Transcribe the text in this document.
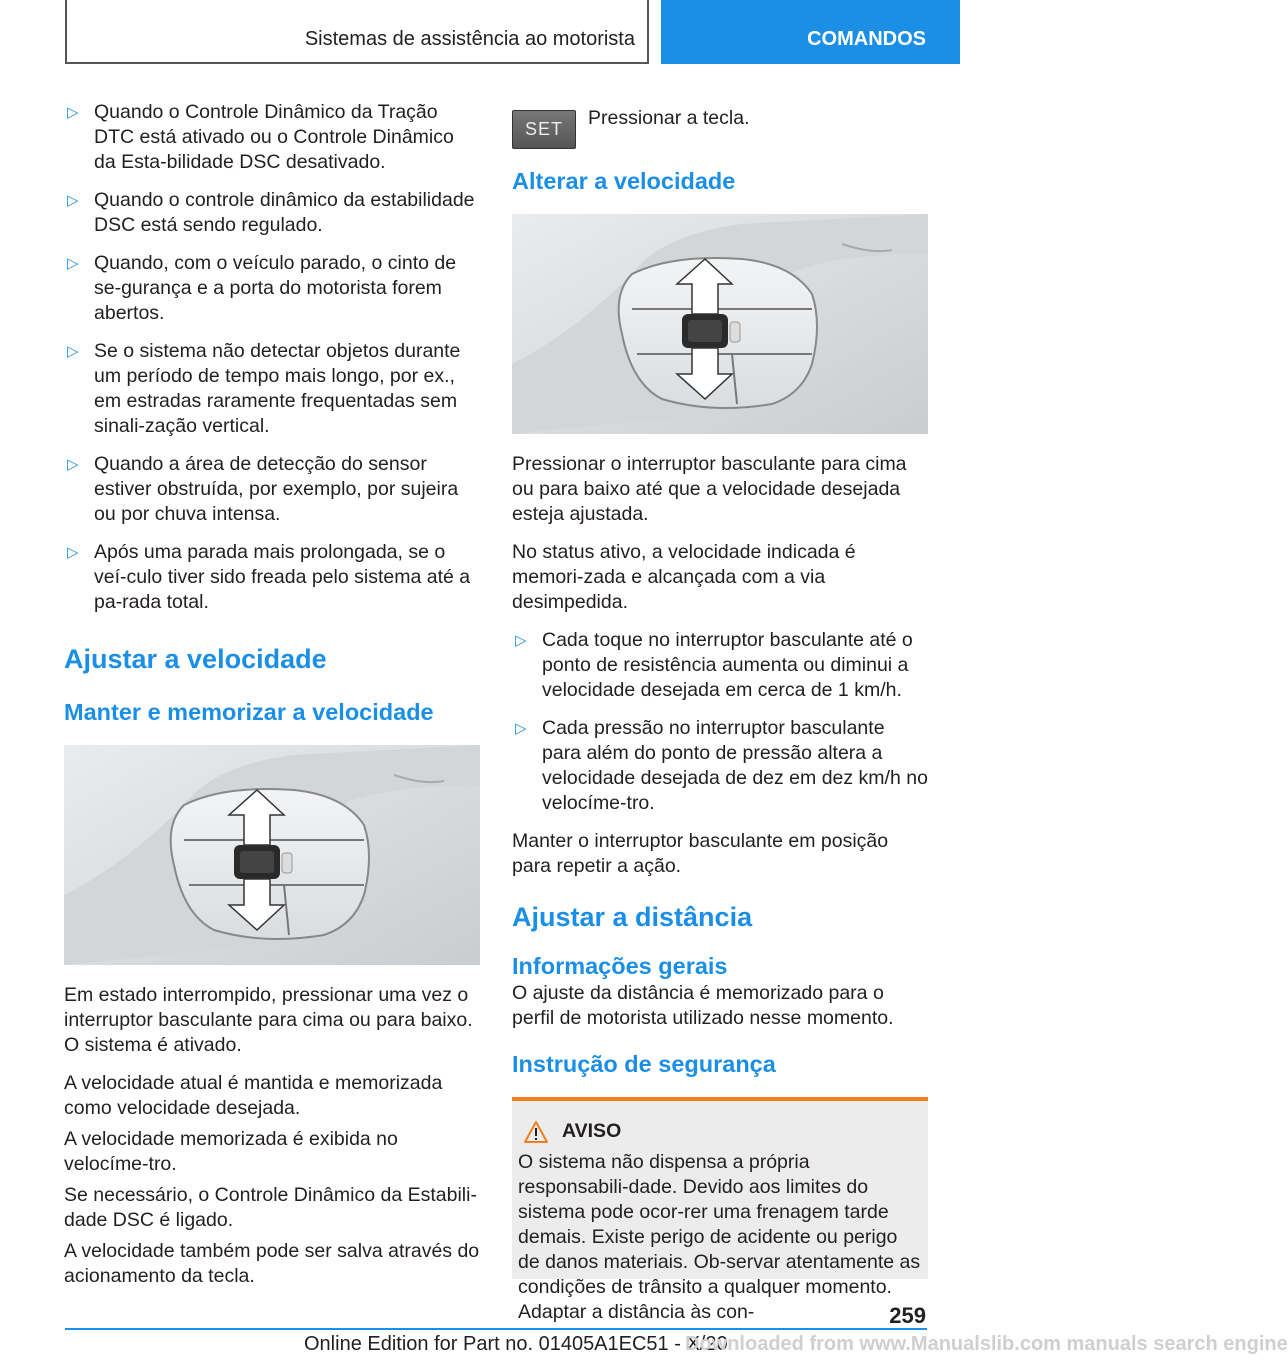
Sistemas de assistência ao motorista	COMANDOS
▷ Quando o Controle Dinâmico da Tração DTC está ativado ou o Controle Dinâmico da Esta-bilidade DSC desativado.
▷ Quando o controle dinâmico da estabilidade DSC está sendo regulado.
▷ Quando, com o veículo parado, o cinto de se-gurança e a porta do motorista forem abertos.
▷ Se o sistema não detectar objetos durante um período de tempo mais longo, por ex., em estradas raramente frequentadas sem sinali-zação vertical.
▷ Quando a área de detecção do sensor estiver obstruída, por exemplo, por sujeira ou por chuva intensa.
▷ Após uma parada mais prolongada, se o veí-culo tiver sido freada pelo sistema até a pa-rada total.
Ajustar a velocidade
Manter e memorizar a velocidade

Em estado interrompido, pressionar uma vez o interruptor basculante para cima ou para baixo. O sistema é ativado.

A velocidade atual é mantida e memorizada como velocidade desejada.

A velocidade memorizada é exibida no velocíme-tro.

Se necessário, o Controle Dinâmico da Estabili-dade DSC é ligado.

A velocidade também pode ser salva através do acionamento da tecla.

SET	Pressionar a tecla.
Alterar a velocidade

Pressionar o interruptor basculante para cima ou para baixo até que a velocidade desejada esteja ajustada.

No status ativo, a velocidade indicada é memori-zada e alcançada com a via desimpedida.

▷ Cada toque no interruptor basculante até o ponto de resistência aumenta ou diminui a velocidade desejada em cerca de 1 km/h.
▷ Cada pressão no interruptor basculante para além do ponto de pressão altera a velocidade desejada de dez em dez km/h no velocíme-tro.

Manter o interruptor basculante em posição para repetir a ação.

Ajustar a distância
Informações gerais

O ajuste da distância é memorizado para o perfil de motorista utilizado nesse momento.

Instrução de segurança
AVISO
O sistema não dispensa a própria responsabili-dade. Devido aos limites do sistema pode ocor-rer uma frenagem tarde demais. Existe perigo de acidente ou perigo de danos materiais. Ob-servar atentamente as condições de trânsito a qualquer momento. Adaptar a distância às con-	259
Online Edition for Part no. 01405A1EC51 - X/20
Downloaded from www.Manualslib.com manuals search engine
